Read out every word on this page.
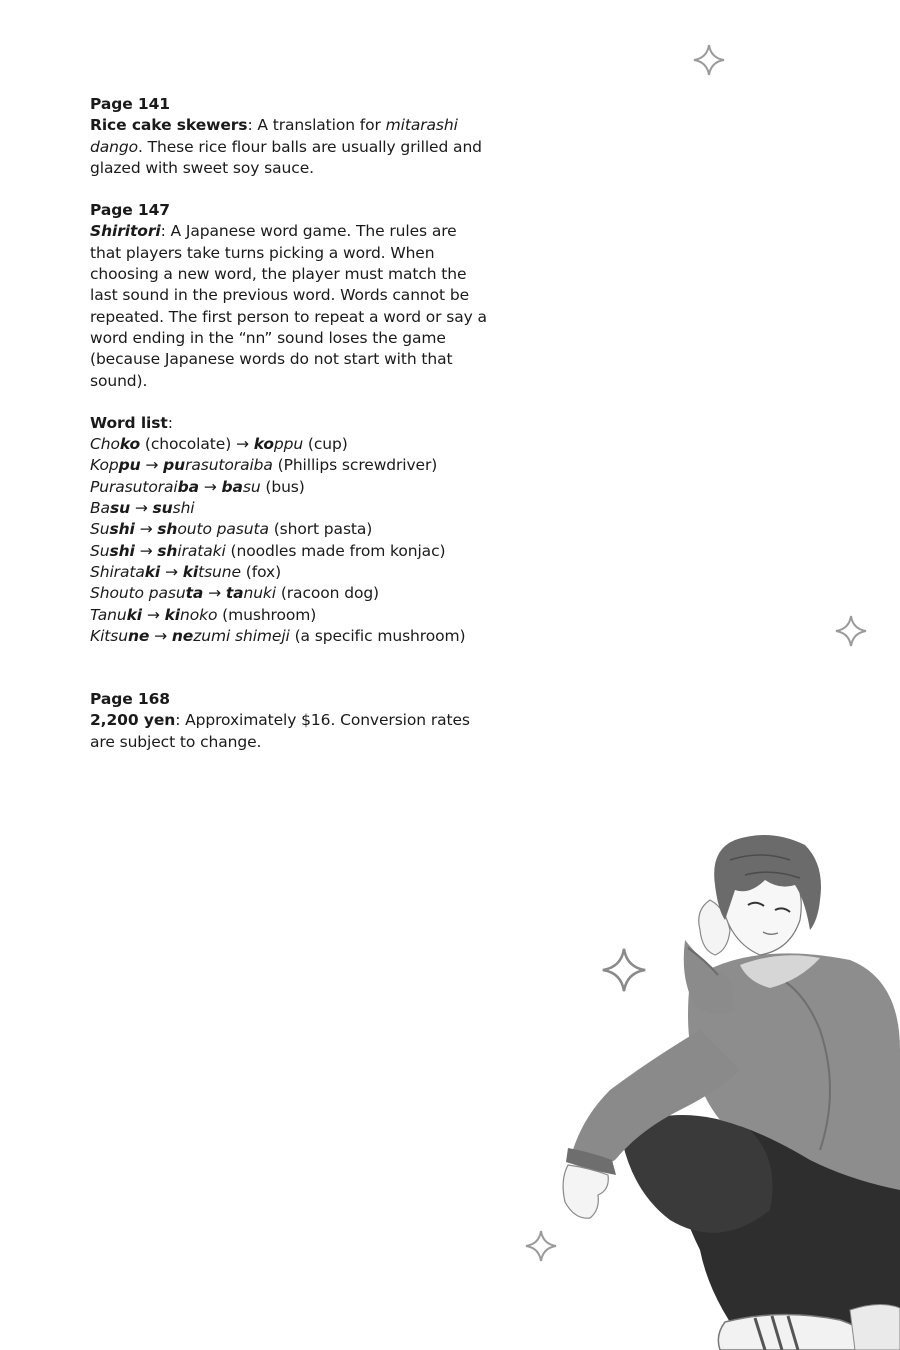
Page 141
Rice cake skewers: A translation for mitarashi dango. These rice flour balls are usually grilled and glazed with sweet soy sauce.
Page 147
Shiritori: A Japanese word game. The rules are that players take turns picking a word. When choosing a new word, the player must match the last sound in the previous word. Words cannot be repeated. The first person to repeat a word or say a word ending in the “nn” sound loses the game (because Japanese words do not start with that sound).
Word list:
Choko (chocolate) → koppu (cup)
Koppu → purasutoraiba (Phillips screwdriver)
Purasutoraiba → basu (bus)
Basu → sushi
Sushi → shouto pasuta (short pasta)
Sushi → shirataki (noodles made from konjac)
Shirataki → kitsune (fox)
Shouto pasuta → tanuki (racoon dog)
Tanuki → kinoko (mushroom)
Kitsune → nezumi shimeji (a specific mushroom)
Page 168
2,200 yen: Approximately $16. Conversion rates are subject to change.
